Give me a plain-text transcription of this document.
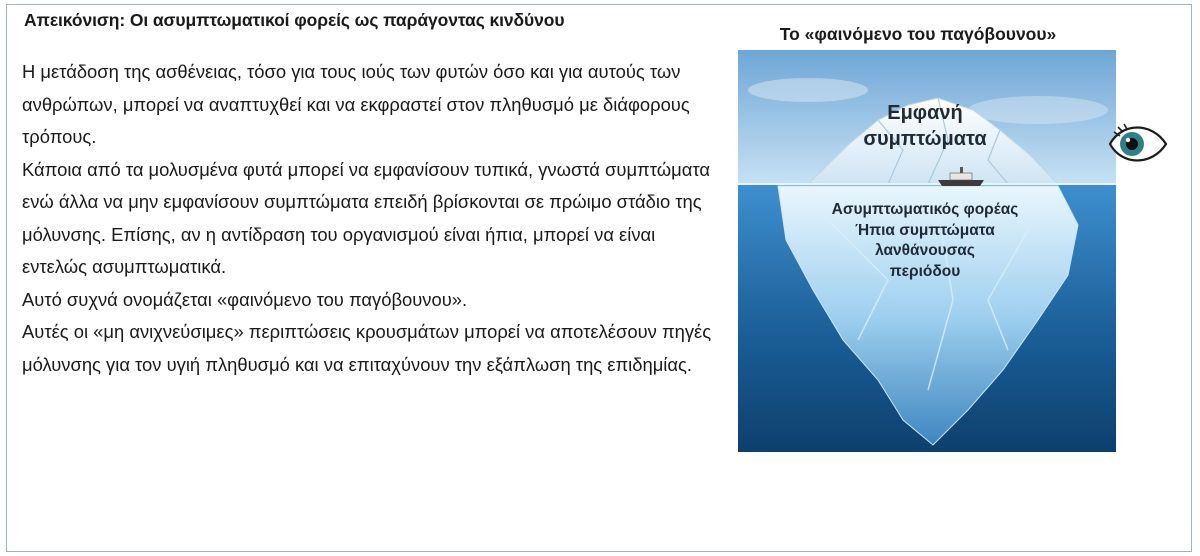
Απεικόνιση: Οι ασυμπτωματικοί φορείς ως παράγοντας κινδύνου

Η μετάδοση της ασθένειας, τόσο για τους ιούς των φυτών όσο και για αυτούς των ανθρώπων, μπορεί να αναπτυχθεί και να εκφραστεί στον πληθυσμό με διάφορους τρόπους.

Κάποια από τα μολυσμένα φυτά μπορεί να εμφανίσουν τυπικά, γνωστά συμπτώματα ενώ άλλα να μην εμφανίσουν συμπτώματα επειδή βρίσκονται σε πρώιμο στάδιο της μόλυνσης. Επίσης, αν η αντίδραση του οργανισμού είναι ήπια, μπορεί να είναι εντελώς ασυμπτωματικά.

Αυτό συχνά ονομάζεται «φαινόμενο του παγόβουνου».

Αυτές οι «μη ανιχνεύσιμες» περιπτώσεις κρουσμάτων μπορεί να αποτελέσουν πηγές μόλυνσης για τον υγιή πληθυσμό και να επιταχύνουν την εξάπλωση της επιδημίας.

Το «φαινόμενο του παγόβουνου»

Εμφανή
συμπτώματα

Ασυμπτωματικός φορέας
Ήπια συμπτώματα
λανθάνουσας
περιόδου
